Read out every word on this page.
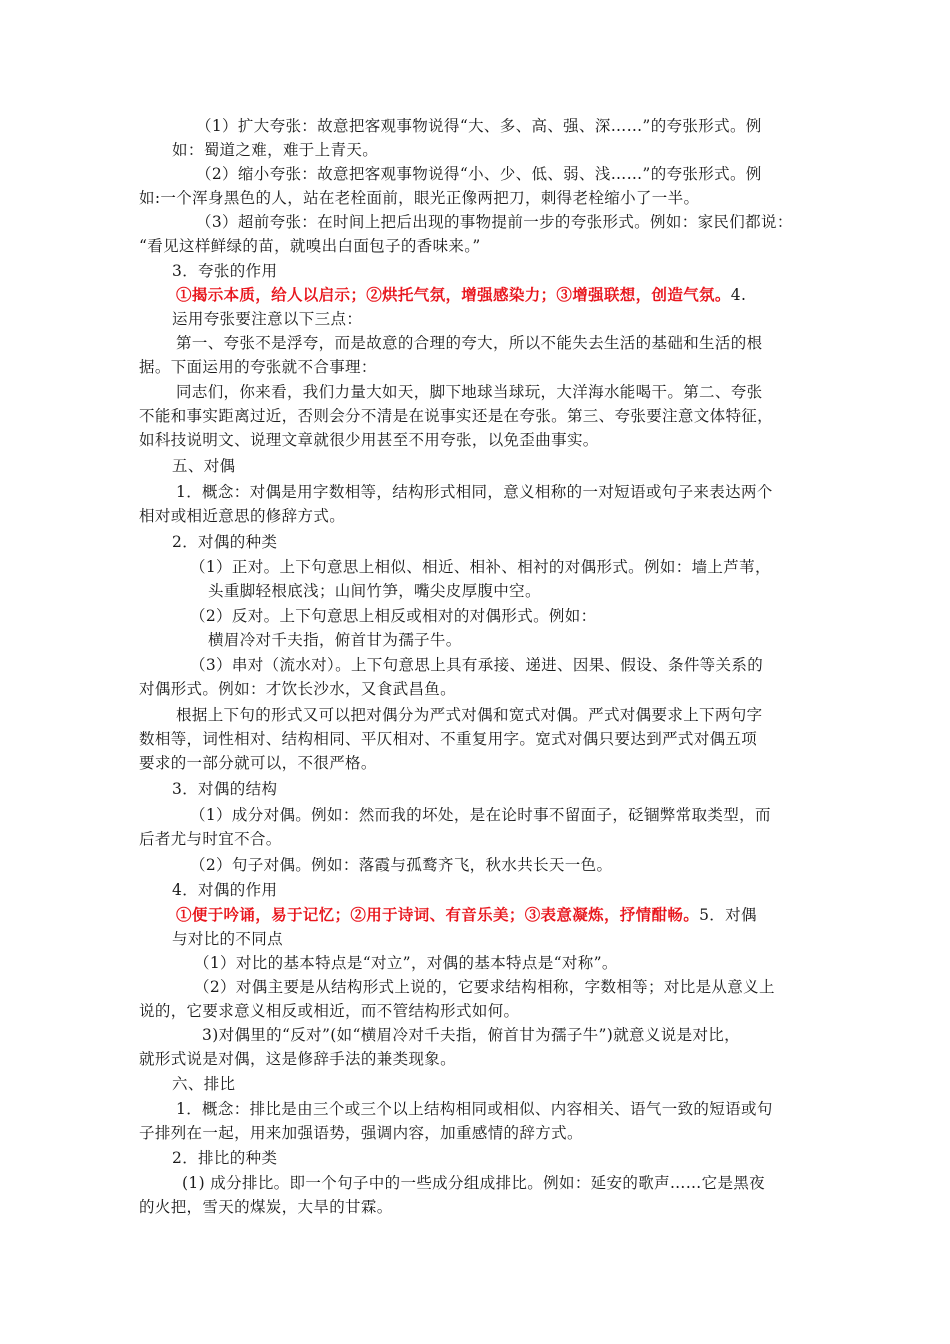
（1）扩大夸张：故意把客观事物说得“大、多、高、强、深……”的夸张形式。例
如：蜀道之难，难于上青天。
（2）缩小夸张：故意把客观事物说得“小、少、低、弱、浅……”的夸张形式。例
如:一个浑身黑色的人，站在老栓面前，眼光正像两把刀，刺得老栓缩小了一半。
（3）超前夸张：在时间上把后出现的事物提前一步的夸张形式。例如：家民们都说：
“看见这样鲜绿的苗，就嗅出白面包子的香味来。”
3．夸张的作用
①揭示本质，给人以启示；②烘托气氛，增强感染力；③增强联想，创造气氛。4.
运用夸张要注意以下三点：
第一、夸张不是浮夸，而是故意的合理的夸大，所以不能失去生活的基础和生活的根
据。下面运用的夸张就不合事理：
同志们，你来看，我们力量大如天，脚下地球当球玩，大洋海水能喝干。第二、夸张
不能和事实距离过近，否则会分不清是在说事实还是在夸张。第三、夸张要注意文体特征，
如科技说明文、说理文章就很少用甚至不用夸张，以免歪曲事实。
五、对偶
1．概念：对偶是用字数相等，结构形式相同，意义相称的一对短语或句子来表达两个
相对或相近意思的修辞方式。
2．对偶的种类
（1）正对。上下句意思上相似、相近、相补、相衬的对偶形式。例如：墙上芦苇，
头重脚轻根底浅；山间竹笋，嘴尖皮厚腹中空。
（2）反对。上下句意思上相反或相对的对偶形式。例如：
横眉冷对千夫指，俯首甘为孺子牛。
（3）串对（流水对）。上下句意思上具有承接、递进、因果、假设、条件等关系的
对偶形式。例如：才饮长沙水，又食武昌鱼。
根据上下句的形式又可以把对偶分为严式对偶和宽式对偶。严式对偶要求上下两句字
数相等，词性相对、结构相同、平仄相对、不重复用字。宽式对偶只要达到严式对偶五项
要求的一部分就可以，不很严格。
3．对偶的结构
（1）成分对偶。例如：然而我的坏处，是在论时事不留面子，砭锢弊常取类型，而
后者尤与时宜不合。
（2）句子对偶。例如：落霞与孤鹜齐飞，秋水共长天一色。
4．对偶的作用
①便于吟诵，易于记忆；②用于诗词、有音乐美；③表意凝炼，抒情酣畅。5．对偶
与对比的不同点
（1）对比的基本特点是“对立”，对偶的基本特点是“对称”。
（2）对偶主要是从结构形式上说的，它要求结构相称，字数相等；对比是从意义上
说的，它要求意义相反或相近，而不管结构形式如何。
3)对偶里的“反对”(如“横眉冷对千夫指，俯首甘为孺子牛”)就意义说是对比，
就形式说是对偶，这是修辞手法的兼类现象。
六、排比
1．概念：排比是由三个或三个以上结构相同或相似、内容相关、语气一致的短语或句
子排列在一起，用来加强语势，强调内容，加重感情的辞方式。
2．排比的种类
(1) 成分排比。即一个句子中的一些成分组成排比。例如：延安的歌声……它是黑夜
的火把，雪天的煤炭，大旱的甘霖。
